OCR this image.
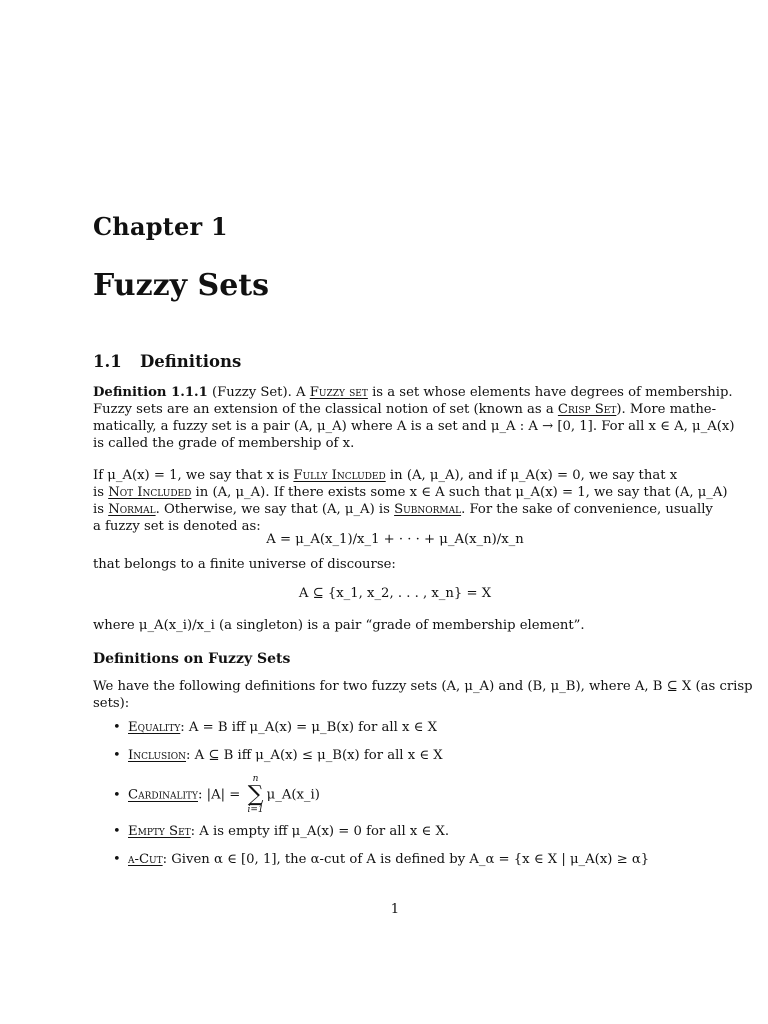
Chapter 1
Fuzzy Sets
1.1 Definitions
Definition 1.1.1 (Fuzzy Set). A Fuzzy set is a set whose elements have degrees of membership.
Fuzzy sets are an extension of the classical notion of set (known as a Crisp Set). More mathe-
matically, a fuzzy set is a pair (A, μ_A) where A is a set and μ_A : A → [0, 1]. For all x ∈ A, μ_A(x)
is called the grade of membership of x.
If μ_A(x) = 1, we say that x is Fully Included in (A, μ_A), and if μ_A(x) = 0, we say that x
is Not Included in (A, μ_A). If there exists some x ∈ A such that μ_A(x) = 1, we say that (A, μ_A)
is Normal. Otherwise, we say that (A, μ_A) is Subnormal. For the sake of convenience, usually
a fuzzy set is denoted as:
A = μ_A(x_1)/x_1 + · · · + μ_A(x_n)/x_n
that belongs to a finite universe of discourse:
A ⊆ {x_1, x_2, . . . , x_n} = X
where μ_A(x_i)/x_i (a singleton) is a pair “grade of membership element”.
Definitions on Fuzzy Sets
We have the following definitions for two fuzzy sets (A, μ_A) and (B, μ_B), where A, B ⊆ X (as crisp
sets):
• Equality: A = B iff μ_A(x) = μ_B(x) for all x ∈ X
• Inclusion: A ⊆ B iff μ_A(x) ≤ μ_B(x) for all x ∈ X
• Cardinality: |A| =
n
∑
i=1
μ_A(x_i)
• Empty Set: A is empty iff μ_A(x) = 0 for all x ∈ X.
• α-Cut: Given α ∈ [0, 1], the α-cut of A is defined by A_α = {x ∈ X | μ_A(x) ≥ α}
1
